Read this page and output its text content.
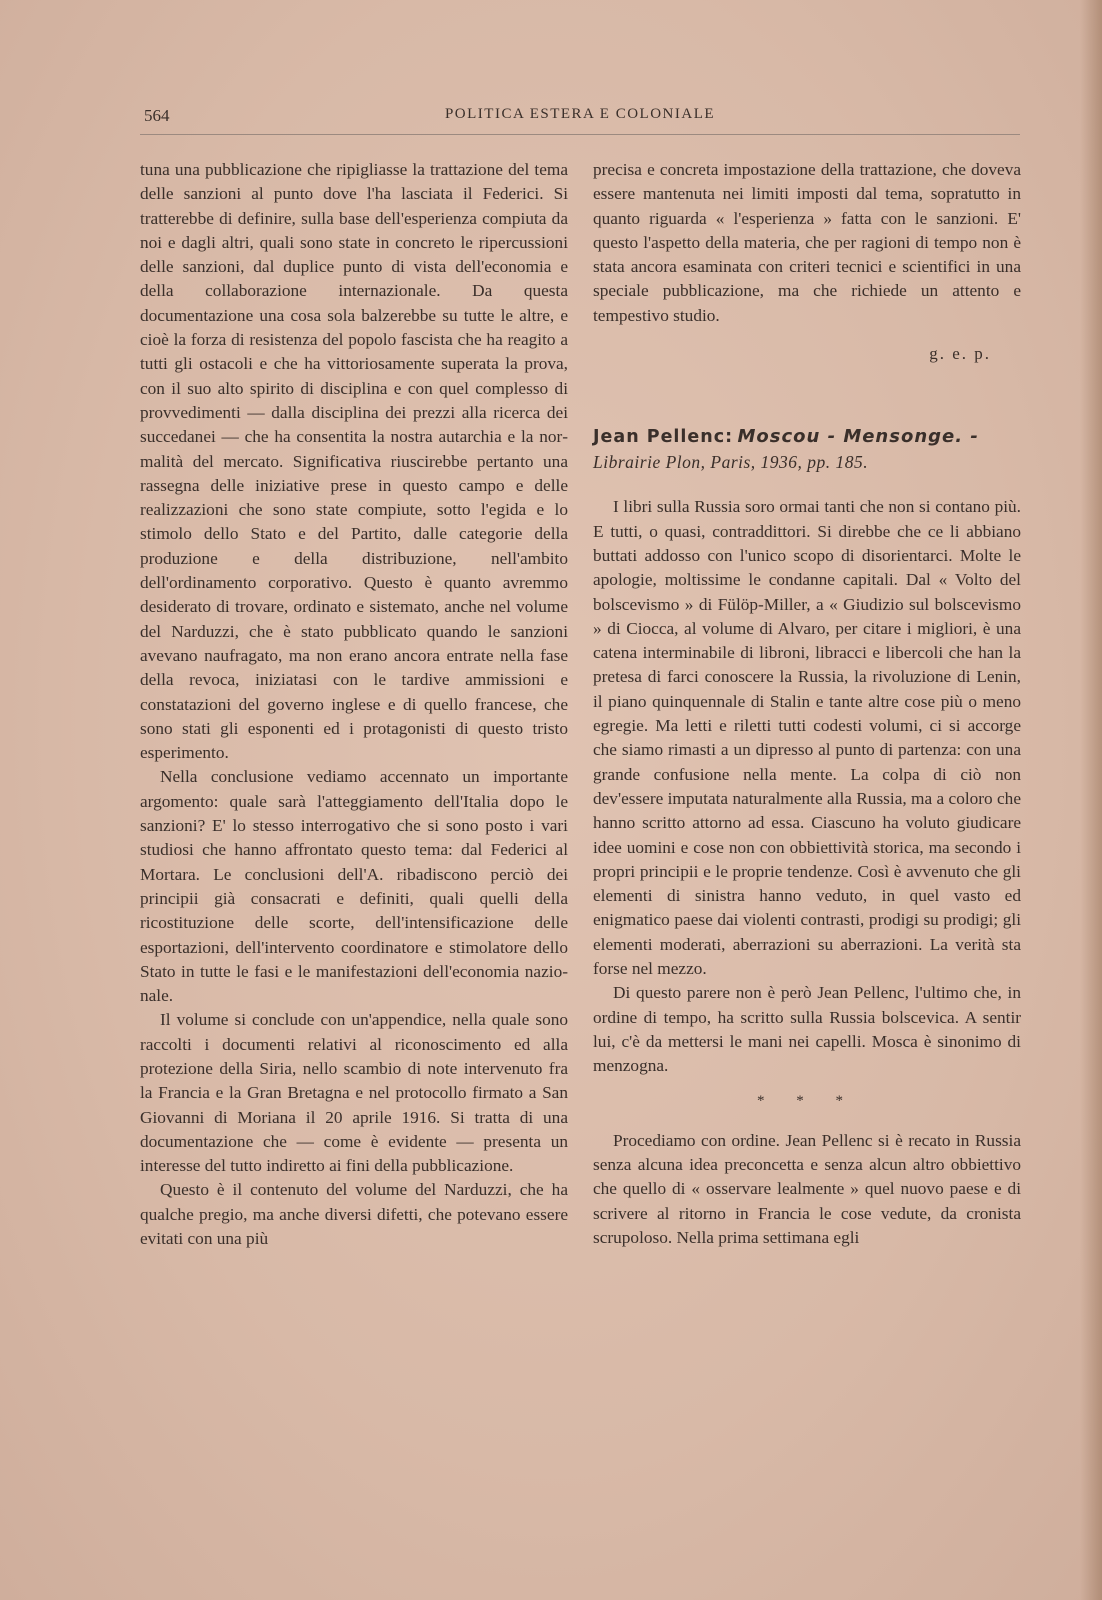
564	POLITICA ESTERA E COLONIALE

tuna una pubblicazione che ripigliasse la trattazione del tema delle sanzioni al punto dove l'ha lasciata il Federici. Si tratterebbe di definire, sulla base dell'esperienza compiuta da noi e dagli altri, quali sono state in concreto le ripercussioni delle sanzioni, dal duplice punto di vista dell'economia e della collaborazione internazionale. Da questa documentazione una cosa sola balzerebbe su tutte le altre, e cioè la forza di resistenza del popolo fascista che ha reagito a tutti gli ostacoli e che ha vittoriosamente superata la prova, con il suo alto spirito di disciplina e con quel complesso di provvedimenti — dalla disciplina dei prezzi alla ricerca dei succedanei — che ha consentita la nostra autarchia e la normalità del mercato. Significativa riuscirebbe pertanto una rassegna delle iniziative prese in questo campo e delle realizzazioni che sono state compiute, sotto l'egida e lo stimolo dello Stato e del Partito, dalle categorie della produzione e della distribuzione, nell'ambito dell'ordinamento corporativo. Questo è quanto avremmo desiderato di trovare, ordinato e sistemato, anche nel volume del Narduzzi, che è stato pubblicato quando le sanzioni avevano naufragato, ma non erano ancora entrate nella fase della revoca, iniziatasi con le tardive ammissioni e constatazioni del governo inglese e di quello francese, che sono stati gli esponenti ed i protagonisti di questo tristo esperimento.

Nella conclusione vediamo accennato un importante argomento: quale sarà l'atteggiamento dell'Italia dopo le sanzioni? E' lo stesso interrogativo che si sono posto i vari studiosi che hanno affrontato questo tema: dal Federici al Mortara. Le conclusioni dell'A. ribadiscono perciò dei principii già consacrati e definiti, quali quelli della ricostituzione delle scorte, dell'intensificazione delle esportazioni, dell'intervento coordinatore e stimolatore dello Stato in tutte le fasi e le manifestazioni dell'economia nazionale.

Il volume si conclude con un'appendice, nella quale sono raccolti i documenti relativi al riconoscimento ed alla protezione della Siria, nello scambio di note intervenuto fra la Francia e la Gran Bretagna e nel protocollo firmato a San Giovanni di Moriana il 20 aprile 1916. Si tratta di una documentazione che — come è evidente — presenta un interesse del tutto indiretto ai fini della pubblicazione.

Questo è il contenuto del volume del Narduzzi, che ha qualche pregio, ma anche diversi difetti, che potevano essere evitati con una più

precisa e concreta impostazione della trattazione, che doveva essere mantenuta nei limiti imposti dal tema, sopratutto in quanto riguarda « l'esperienza » fatta con le sanzioni. E' questo l'aspetto della materia, che per ragioni di tempo non è stata ancora esaminata con criteri tecnici e scientifici in una speciale pubblicazione, ma che richiede un attento e tempestivo studio.

g. e. p.
Jean Pellenc: Moscou - Mensonge. -
Librairie Plon, Paris, 1936, pp. 185.

I libri sulla Russia soro ormai tanti che non si contano più. E tutti, o quasi, contraddittori. Si direbbe che ce li abbiano buttati addosso con l'unico scopo di disorientarci. Molte le apologie, moltissime le condanne capitali. Dal « Volto del bolscevismo » di Fülöp-Miller, a « Giudizio sul bolscevismo » di Ciocca, al volume di Alvaro, per citare i migliori, è una catena interminabile di libroni, libracci e libercoli che han la pretesa di farci conoscere la Russia, la rivoluzione di Lenin, il piano quinquennale di Stalin e tante altre cose più o meno egregie. Ma letti e riletti tutti codesti volumi, ci si accorge che siamo rimasti a un dipresso al punto di partenza: con una grande confusione nella mente. La colpa di ciò non dev'essere imputata naturalmente alla Russia, ma a coloro che hanno scritto attorno ad essa. Ciascuno ha voluto giudicare idee uomini e cose non con obbiettività storica, ma secondo i propri principii e le proprie tendenze. Così è avvenuto che gli elementi di sinistra hanno veduto, in quel vasto ed enigmatico paese dai violenti contrasti, prodigi su prodigi; gli elementi moderati, aberrazioni su aberrazioni. La verità sta forse nel mezzo.

Di questo parere non è però Jean Pellenc, l'ultimo che, in ordine di tempo, ha scritto sulla Russia bolscevica. A sentir lui, c'è da mettersi le mani nei capelli. Mosca è sinonimo di menzogna.

* * *

Procediamo con ordine. Jean Pellenc si è recato in Russia senza alcuna idea preconcetta e senza alcun altro obbiettivo che quello di « osservare lealmente » quel nuovo paese e di scrivere al ritorno in Francia le cose vedute, da cronista scrupoloso. Nella prima settimana egli
